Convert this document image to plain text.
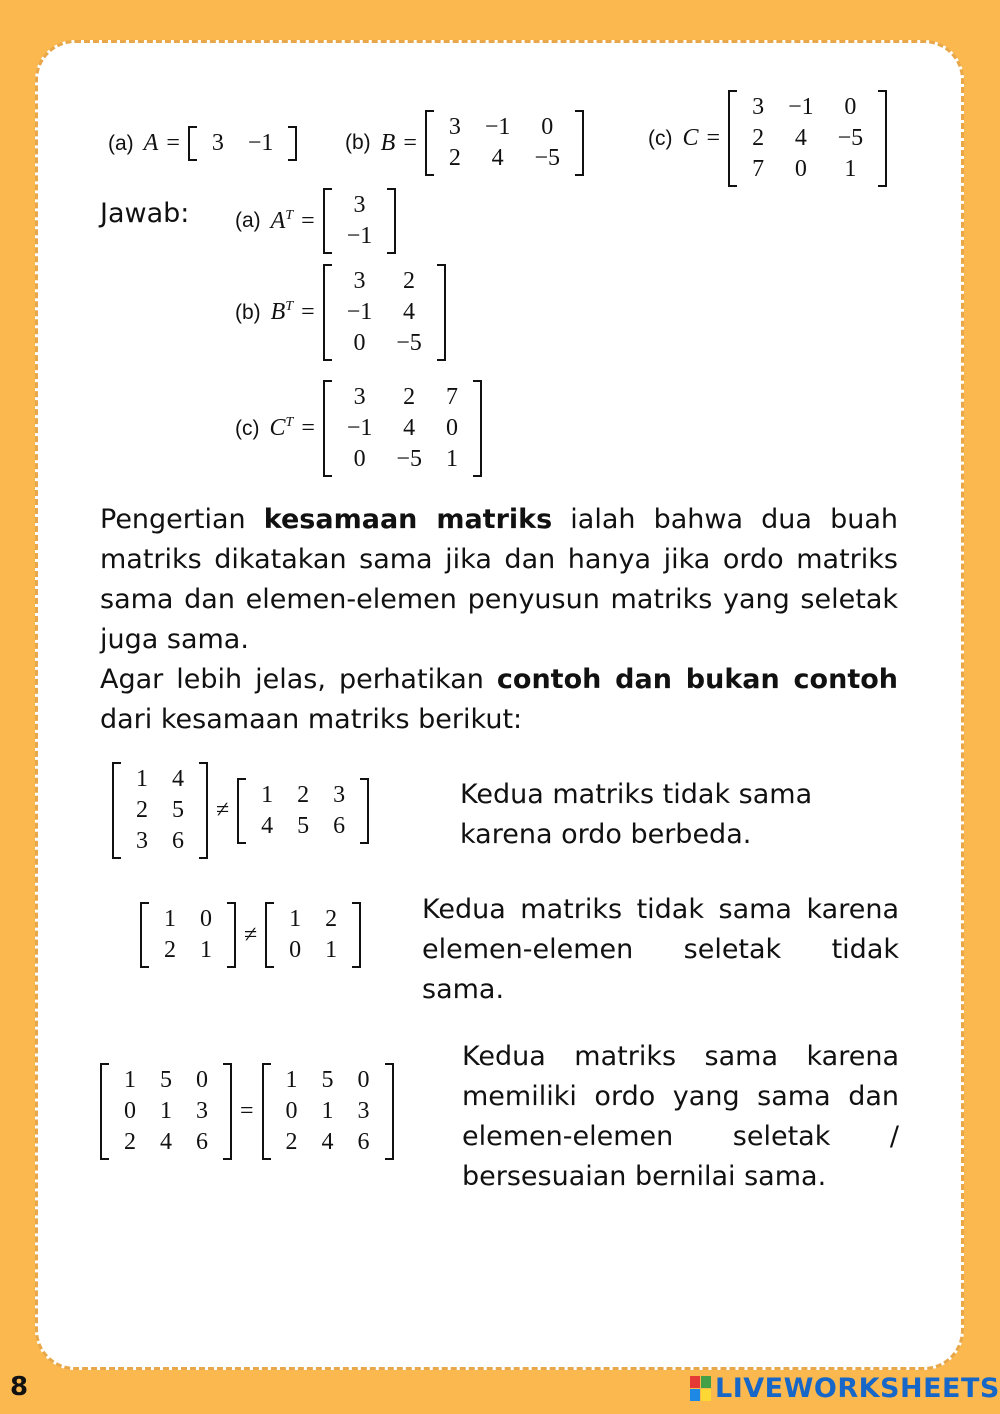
(a) A = 3	−1	(b) B =
3	−1	0
2	4	−5
(c) C =
3	−1	0
2	4	−5
7	0	1
Jawab: (a) $A^T$ =
3
−1
(b) $B^T$ =
3	2
−1	4
0	−5
(c) $C^T$ =
3	2	7
−1	4	0
0	−5	1
Pengertian kesamaan matriks ialah bahwa dua buah matriks dikatakan sama jika dan hanya jika ordo matriks sama dan elemen-elemen penyusun matriks yang seletak juga sama.
Agar lebih jelas, perhatikan contoh dan bukan contoh dari kesamaan matriks berikut:
1	4
2	5
3	6
≠
1	2	3
4	5	6
Kedua matriks tidak sama karena ordo berbeda.
1	0
2	1
≠
1	2
0	1
Kedua matriks tidak sama karena elemen-elemen seletak tidak sama.
1	5	0
0	1	3
2	4	6
=
1	5	0
0	1	3
2	4	6
Kedua matriks sama karena memiliki ordo yang sama dan elemen-elemen seletak / bersesuaian bernilai sama.
8	LIVEWORKSHEETS
